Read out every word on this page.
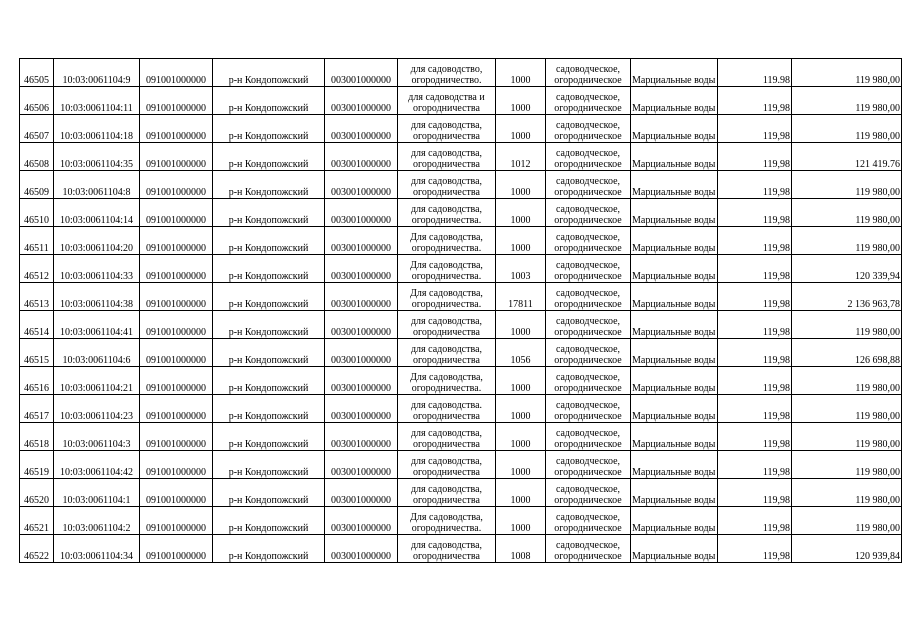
46505	10:03:0061104:9	091001000000	р-н Кондопожский	003001000000	для садоводство,
огородничество.	1000	садоводческое,
огородническое	Марциальные воды	119.98	119 980,00
46506	10:03:0061104:11	091001000000	р-н Кондопожский	003001000000	для садоводства и
огородничества	1000	садоводческое,
огородническое	Марциальные воды	119,98	119 980,00
46507	10:03:0061104:18	091001000000	р-н Кондопожский	003001000000	для садоводства,
огородничества	1000	садоводческое,
огородническое	Марциальные воды	119,98	119 980,00
46508	10:03:0061104:35	091001000000	р-н Кондопожский	003001000000	для садоводства,
огородничества	1012	садоводческое,
огородническое	Марциальные воды	119,98	121 419.76
46509	10:03:0061104:8	091001000000	р-н Кондопожский	003001000000	для садоводства,
огородничества	1000	садоводческое,
огородническое	Марциальные воды	119,98	119 980,00
46510	10:03:0061104:14	091001000000	р-н Кондопожский	003001000000	для садоводства,
огородничества.	1000	садоводческое,
огородническое	Марциальные воды	119,98	119 980,00
46511	10:03:0061104:20	091001000000	р-н Кондопожский	003001000000	Для садоводства,
огородничества.	1000	садоводческое,
огородническое	Марциальные воды	119,98	119 980,00
46512	10:03:0061104:33	091001000000	р-н Кондопожский	003001000000	Для садоводства,
огородничества.	1003	садоводческое,
огородническое	Марциальные воды	119,98	120 339,94
46513	10:03:0061104:38	091001000000	р-н Кондопожский	003001000000	Для садоводства,
огородничества.	17811	садоводческое,
огородническое	Марциальные воды	119,98	2 136 963,78
46514	10:03:0061104:41	091001000000	р-н Кондопожский	003001000000	для садоводства,
огородничества	1000	садоводческое,
огородническое	Марциальные воды	119,98	119 980,00
46515	10:03:0061104:6	091001000000	р-н Кондопожский	003001000000	для садоводства,
огородничества	1056	садоводческое,
огородническое	Марциальные воды	119,98	126 698,88
46516	10:03:0061104:21	091001000000	р-н Кондопожский	003001000000	Для садоводства,
огородничества.	1000	садоводческое,
огородническое	Марциальные воды	119,98	119 980,00
46517	10:03:0061104:23	091001000000	р-н Кондопожский	003001000000	для садоводства.
огородничества	1000	садоводческое,
огородническое	Марциальные воды	119,98	119 980,00
46518	10:03:0061104:3	091001000000	р-н Кондопожский	003001000000	для садоводства,
огородничества	1000	садоводческое,
огородническое	Марциальные воды	119,98	119 980,00
46519	10:03:0061104:42	091001000000	р-н Кондопожский	003001000000	для садоводства,
огородничества	1000	садоводческое,
огородническое	Марциальные воды	119,98	119 980,00
46520	10:03:0061104:1	091001000000	р-н Кондопожский	003001000000	для садоводства,
огородничества	1000	садоводческое,
огородническое	Марциальные воды	119,98	119 980,00
46521	10:03:0061104:2	091001000000	р-н Кондопожский	003001000000	Для садоводства,
огородничества.	1000	садоводческое,
огородническое	Марциальные воды	119,98	119 980,00
46522	10:03:0061104:34	091001000000	р-н Кондопожский	003001000000	для садоводства,
огородничества	1008	садоводческое,
огородническое	Марциальные воды	119,98	120 939,84
